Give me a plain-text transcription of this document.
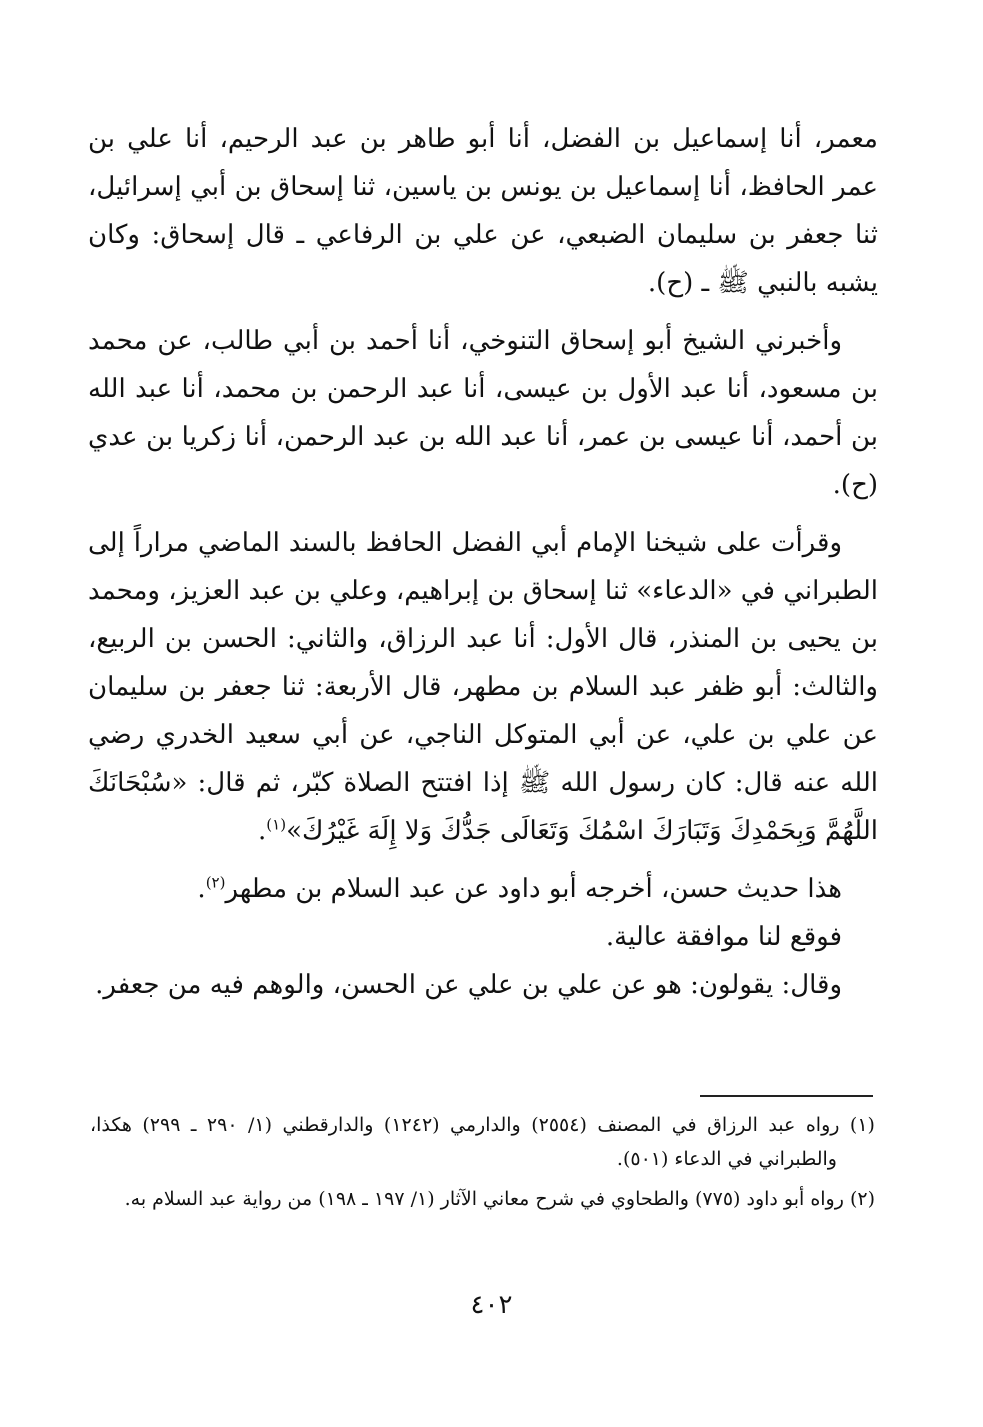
معمر، أنا إسماعيل بن الفضل، أنا أبو طاهر بن عبد الرحيم، أنا علي بن عمر الحافظ، أنا إسماعيل بن يونس بن ياسين، ثنا إسحاق بن أبي إسرائيل، ثنا جعفر بن سليمان الضبعي، عن علي بن الرفاعي ـ قال إسحاق: وكان يشبه بالنبي ﷺ ـ (ح).

وأخبرني الشيخ أبو إسحاق التنوخي، أنا أحمد بن أبي طالب، عن محمد بن مسعود، أنا عبد الأول بن عيسى، أنا عبد الرحمن بن محمد، أنا عبد الله بن أحمد، أنا عيسى بن عمر، أنا عبد الله بن عبد الرحمن، أنا زكريا بن عدي (ح).

وقرأت على شيخنا الإمام أبي الفضل الحافظ بالسند الماضي مراراً إلى الطبراني في «الدعاء» ثنا إسحاق بن إبراهيم، وعلي بن عبد العزيز، ومحمد بن يحيى بن المنذر، قال الأول: أنا عبد الرزاق، والثاني: الحسن بن الربيع، والثالث: أبو ظفر عبد السلام بن مطهر، قال الأربعة: ثنا جعفر بن سليمان عن علي بن علي، عن أبي المتوكل الناجي، عن أبي سعيد الخدري رضي الله عنه قال: كان رسول الله ﷺ إذا افتتح الصلاة كبّر، ثم قال: «سُبْحَانَكَ اللَّهُمَّ وَبِحَمْدِكَ وَتَبَارَكَ اسْمُكَ وَتَعَالَى جَدُّكَ وَلا إِلَهَ غَيْرُكَ»$^{(١)}$.

هذا حديث حسن، أخرجه أبو داود عن عبد السلام بن مطهر$^{(٢)}$.

فوقع لنا موافقة عالية.

وقال: يقولون: هو عن علي بن علي عن الحسن، والوهم فيه من جعفر.

(١) رواه عبد الرزاق في المصنف (٢٥٥٤) والدارمي (١٢٤٢) والدارقطني (١/ ٢٩٠ ـ ٢٩٩) هكذا، والطبراني في الدعاء (٥٠١).

(٢) رواه أبو داود (٧٧٥) والطحاوي في شرح معاني الآثار (١/ ١٩٧ ـ ١٩٨) من رواية عبد السلام به.

٤٠٢
